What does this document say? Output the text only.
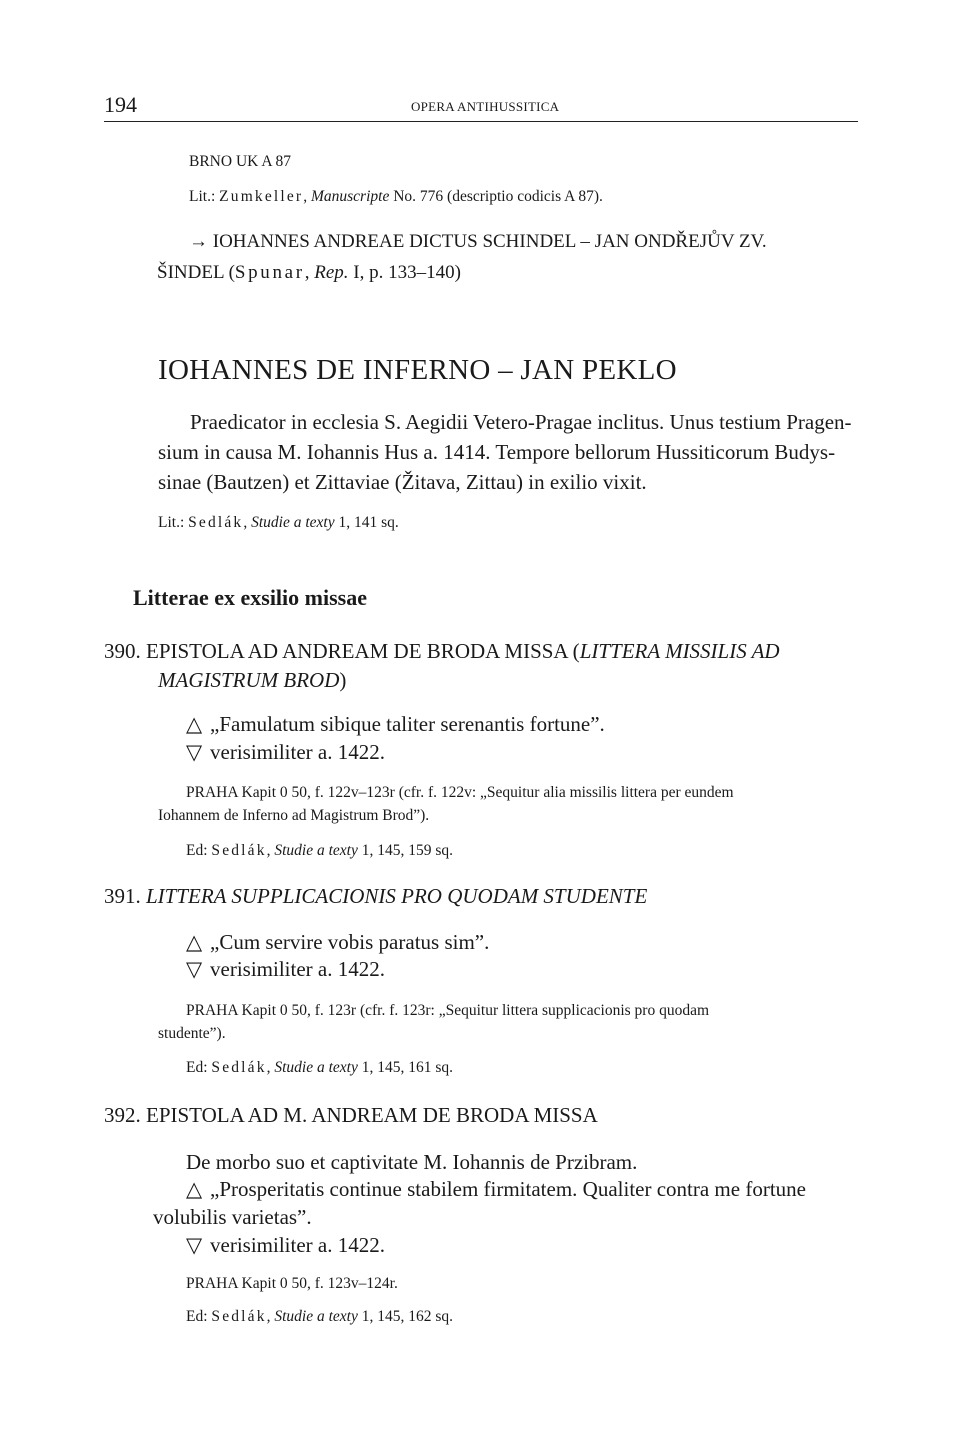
194	OPERA ANTIHUSSITICA
BRNO UK A 87
Lit.: Zumkeller, Manuscripte No. 776 (descriptio codicis A 87).
→ IOHANNES ANDREAE DICTUS SCHINDEL – JAN ONDŘEJŮV ZV.
ŠINDEL (Spunar, Rep. I, p. 133–140)
IOHANNES DE INFERNO – JAN PEKLO
Praedicator in ecclesia S. Aegidii Vetero-Pragae inclitus. Unus testium Pragen-
sium in causa M. Iohannis Hus a. 1414. Tempore bellorum Hussiticorum Budys-
sinae (Bautzen) et Zittaviae (Žitava, Zittau) in exilio vixit.
Lit.: Sedlák, Studie a texty 1, 141 sq.
Litterae ex exsilio missae
390. EPISTOLA AD ANDREAM DE BRODA MISSA (LITTERA MISSILIS AD
MAGISTRUM BROD)
△ „Famulatum sibique taliter serenantis fortune”.
▽ verisimiliter a. 1422.
PRAHA Kapit 0 50, f. 122v–123r (cfr. f. 122v: „Sequitur alia missilis littera per eundem
Iohannem de Inferno ad Magistrum Brod”).
Ed: Sedlák, Studie a texty 1, 145, 159 sq.
391. LITTERA SUPPLICACIONIS PRO QUODAM STUDENTE
△ „Cum servire vobis paratus sim”.
▽ verisimiliter a. 1422.
PRAHA Kapit 0 50, f. 123r (cfr. f. 123r: „Sequitur littera supplicacionis pro quodam
studente”).
Ed: Sedlák, Studie a texty 1, 145, 161 sq.
392. EPISTOLA AD M. ANDREAM DE BRODA MISSA
De morbo suo et captivitate M. Iohannis de Przibram.
△ „Prosperitatis continue stabilem firmitatem. Qualiter contra me fortune
volubilis varietas”.
▽ verisimiliter a. 1422.
PRAHA Kapit 0 50, f. 123v–124r.
Ed: Sedlák, Studie a texty 1, 145, 162 sq.
